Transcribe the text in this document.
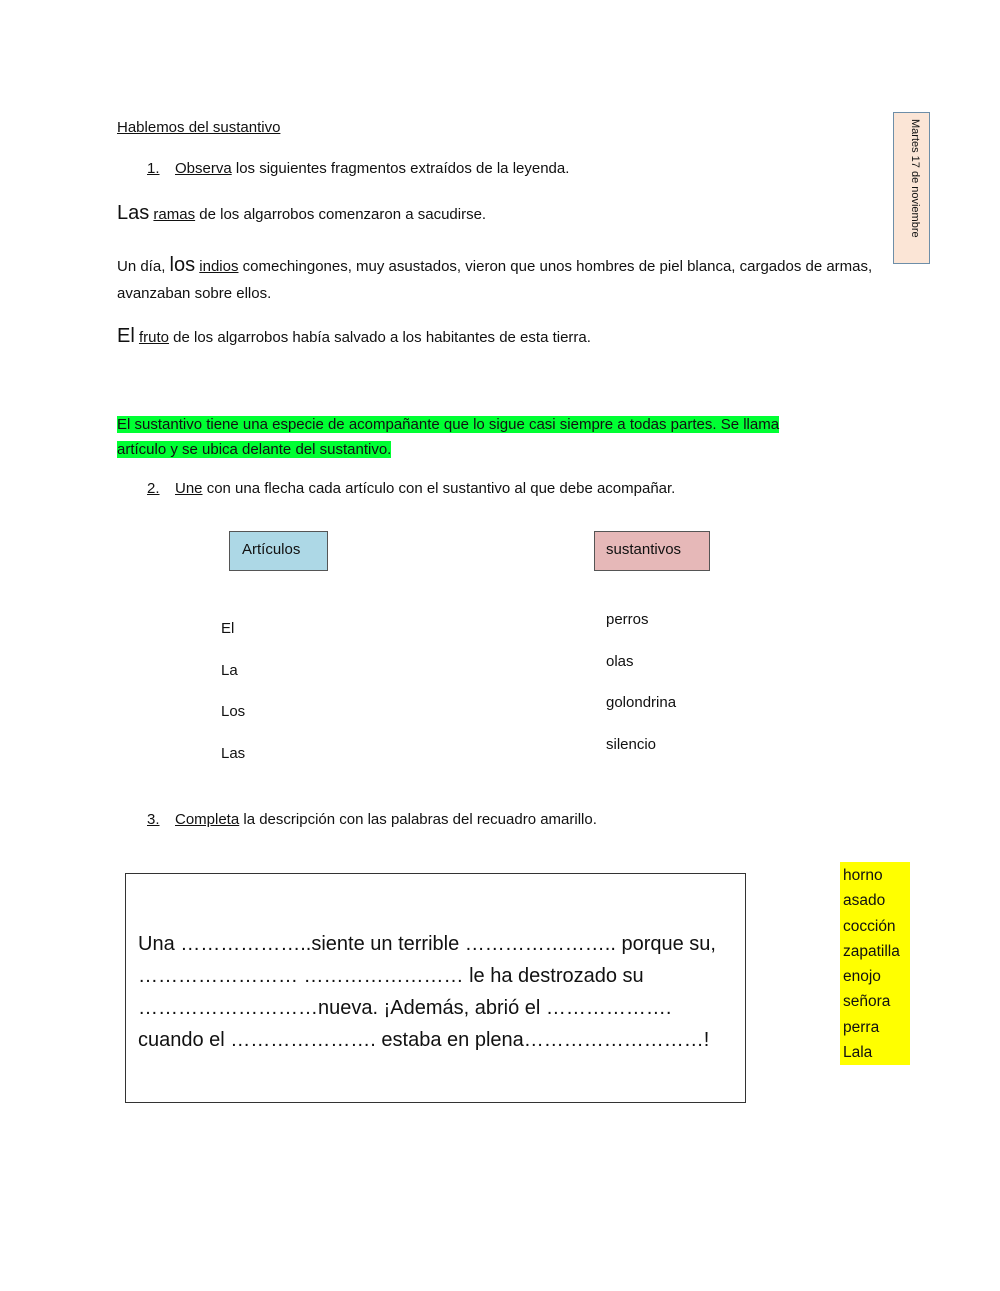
Hablemos del sustantivo	Martes 17 de noviembre
1. Observa los siguientes fragmentos extraídos de la leyenda.
Las ramas de los algarrobos comenzaron a sacudirse.
Un día, los indios comechingones, muy asustados, vieron que unos hombres de piel blanca, cargados de armas, avanzaban sobre ellos.
El fruto de los algarrobos había salvado a los habitantes de esta tierra.
El sustantivo tiene una especie de acompañante que lo sigue casi siempre a todas partes. Se llama artículo y se ubica delante del sustantivo.
2. Une con una flecha cada artículo con el sustantivo al que debe acompañar.
Artículos	sustantivos
El
La
Los
Las
perros
olas
golondrina
silencio
3. Completa la descripción con las palabras del recuadro amarillo.
Una ………………..siente un terrible ………………….. porque su, …………………… …………………… le ha destrozado su ………………………nueva. ¡Además, abrió el ………………. cuando el …………………. estaba en plena………………………!
horno
asado
cocción
zapatilla
enojo
señora
perra
Lala
